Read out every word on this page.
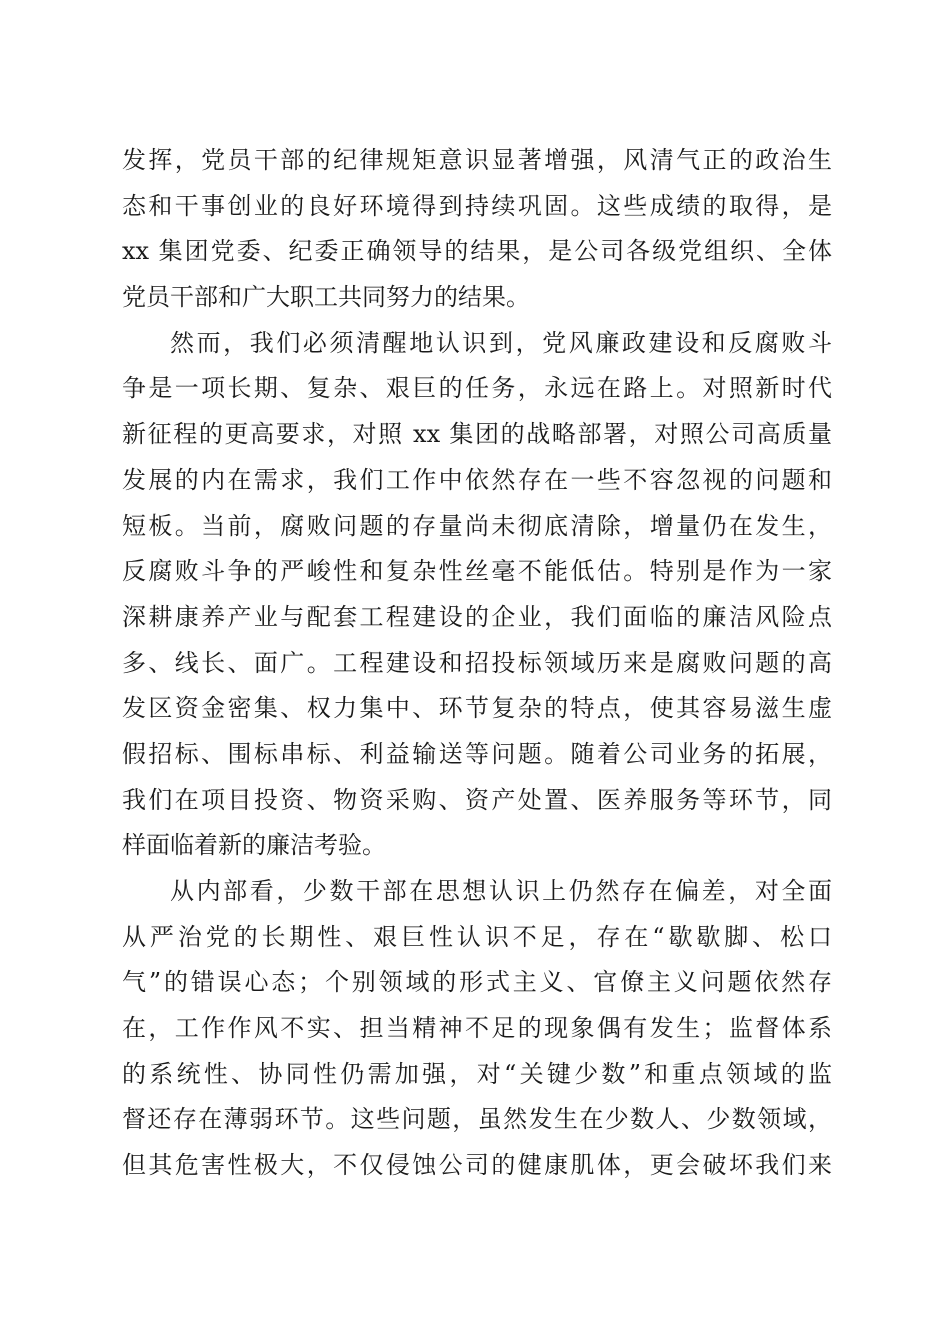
发挥，党员干部的纪律规矩意识显著增强，风清气正的政治生
态和干事创业的良好环境得到持续巩固。这些成绩的取得，是
xx 集团党委、纪委正确领导的结果，是公司各级党组织、全体
党员干部和广大职工共同努力的结果。
然而，我们必须清醒地认识到，党风廉政建设和反腐败斗
争是一项长期、复杂、艰巨的任务，永远在路上。对照新时代
新征程的更高要求，对照 xx 集团的战略部署，对照公司高质量
发展的内在需求，我们工作中依然存在一些不容忽视的问题和
短板。当前，腐败问题的存量尚未彻底清除，增量仍在发生，
反腐败斗争的严峻性和复杂性丝毫不能低估。特别是作为一家
深耕康养产业与配套工程建设的企业，我们面临的廉洁风险点
多、线长、面广。工程建设和招投标领域历来是腐败问题的高
发区资金密集、权力集中、环节复杂的特点，使其容易滋生虚
假招标、围标串标、利益输送等问题。随着公司业务的拓展，
我们在项目投资、物资采购、资产处置、医养服务等环节，同
样面临着新的廉洁考验。
从内部看，少数干部在思想认识上仍然存在偏差，对全面
从严治党的长期性、艰巨性认识不足，存在“歇歇脚、松口
气”的错误心态；个别领域的形式主义、官僚主义问题依然存
在，工作作风不实、担当精神不足的现象偶有发生；监督体系
的系统性、协同性仍需加强，对“关键少数”和重点领域的监
督还存在薄弱环节。这些问题，虽然发生在少数人、少数领域，
但其危害性极大，不仅侵蚀公司的健康肌体，更会破坏我们来
